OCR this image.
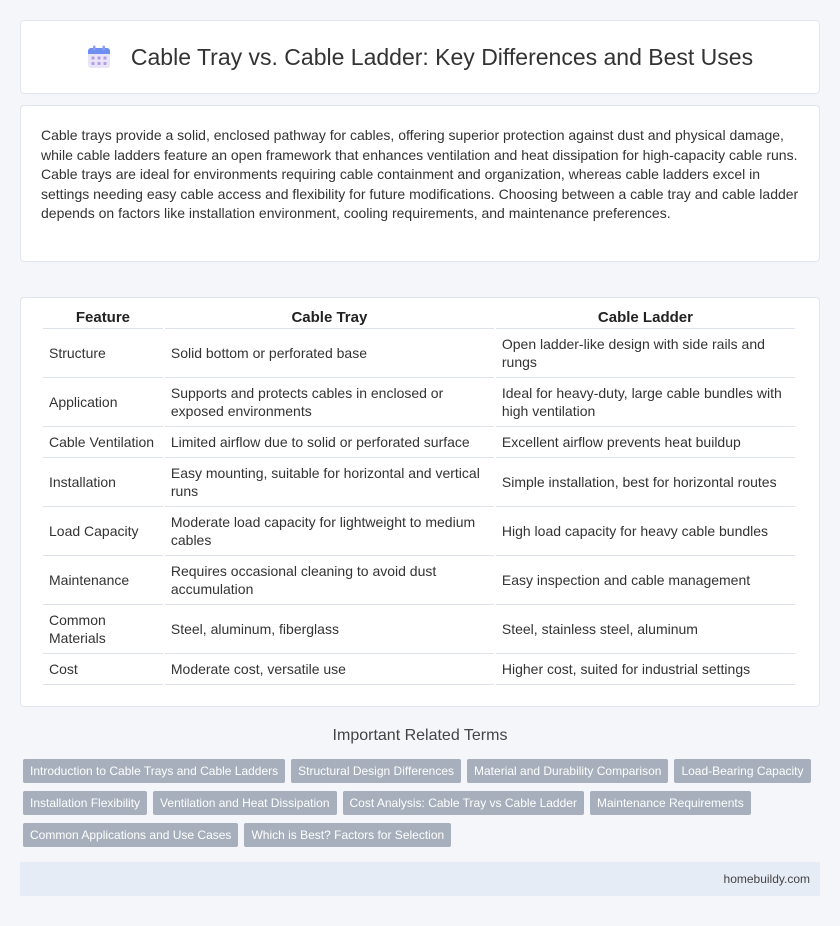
Cable Tray vs. Cable Ladder: Key Differences and Best Uses

Cable trays provide a solid, enclosed pathway for cables, offering superior protection against dust and physical damage, while cable ladders feature an open framework that enhances ventilation and heat dissipation for high-capacity cable runs. Cable trays are ideal for environments requiring cable containment and organization, whereas cable ladders excel in settings needing easy cable access and flexibility for future modifications. Choosing between a cable tray and cable ladder depends on factors like installation environment, cooling requirements, and maintenance preferences.

Feature	Cable Tray	Cable Ladder
Structure	Solid bottom or perforated base	Open ladder-like design with side rails and rungs
Application	Supports and protects cables in enclosed or exposed environments	Ideal for heavy-duty, large cable bundles with high ventilation
Cable Ventilation	Limited airflow due to solid or perforated surface	Excellent airflow prevents heat buildup
Installation	Easy mounting, suitable for horizontal and vertical runs	Simple installation, best for horizontal routes
Load Capacity	Moderate load capacity for lightweight to medium cables	High load capacity for heavy cable bundles
Maintenance	Requires occasional cleaning to avoid dust accumulation	Easy inspection and cable management
Common Materials	Steel, aluminum, fiberglass	Steel, stainless steel, aluminum
Cost	Moderate cost, versatile use	Higher cost, suited for industrial settings
Important Related Terms
Introduction to Cable Trays and Cable Ladders	Structural Design Differences	Material and Durability Comparison	Load-Bearing Capacity
Installation Flexibility	Ventilation and Heat Dissipation	Cost Analysis: Cable Tray vs Cable Ladder	Maintenance Requirements
Common Applications and Use Cases	Which is Best? Factors for Selection
homebuildy.com
